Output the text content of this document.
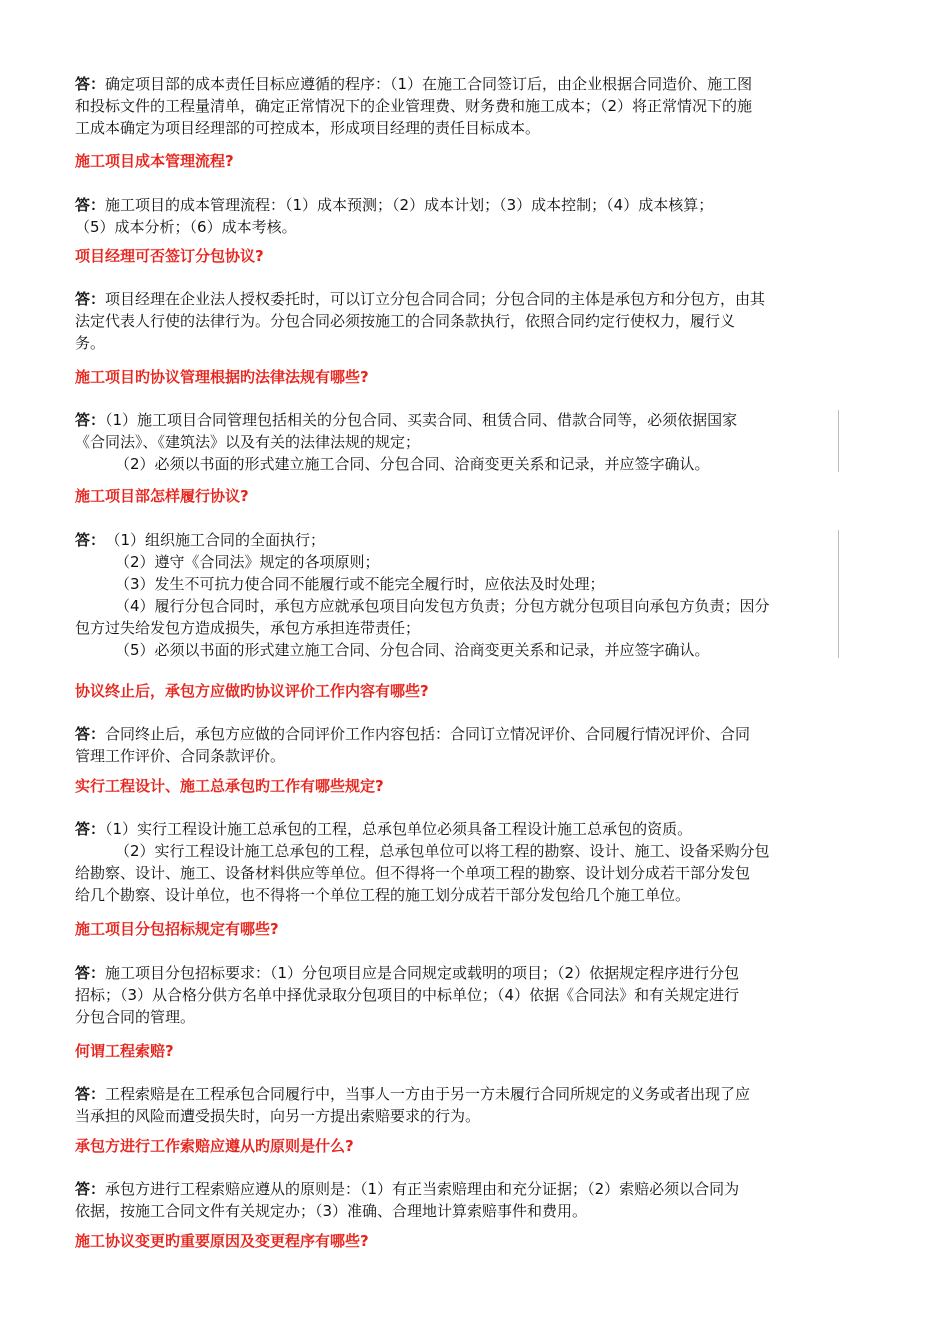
答：确定项目部的成本责任目标应遵循的程序：（1）在施工合同签订后，由企业根据合同造价、施工图

和投标文件的工程量清单，确定正常情况下的企业管理费、财务费和施工成本；（2）将正常情况下的施

工成本确定为项目经理部的可控成本，形成项目经理的责任目标成本。

施工项目成本管理流程?

答：施工项目的成本管理流程：（1）成本预测；（2）成本计划；（3）成本控制；（4）成本核算；

（5）成本分析；（6）成本考核。

项目经理可否签订分包协议?

答：项目经理在企业法人授权委托时，可以订立分包合同合同；分包合同的主体是承包方和分包方，由其

法定代表人行使的法律行为。分包合同必须按施工的合同条款执行，依照合同约定行使权力，履行义

务。

施工项目旳协议管理根据旳法律法规有哪些?

答：（1）施工项目合同管理包括相关的分包合同、买卖合同、租赁合同、借款合同等，必须依据国家

《合同法》、《建筑法》以及有关的法律法规的规定；

（2）必须以书面的形式建立施工合同、分包合同、洽商变更关系和记录，并应签字确认。

施工项目部怎样履行协议?

答： （1）组织施工合同的全面执行；

（2）遵守《合同法》规定的各项原则；

（3）发生不可抗力使合同不能履行或不能完全履行时，应依法及时处理；

（4）履行分包合同时，承包方应就承包项目向发包方负责；分包方就分包项目向承包方负责；因分

包方过失给发包方造成损失，承包方承担连带责任；

（5）必须以书面的形式建立施工合同、分包合同、洽商变更关系和记录，并应签字确认。

协议终止后，承包方应做旳协议评价工作内容有哪些?

答：合同终止后，承包方应做的合同评价工作内容包括：合同订立情况评价、合同履行情况评价、合同

管理工作评价、合同条款评价。

实行工程设计、施工总承包旳工作有哪些规定?

答：（1）实行工程设计施工总承包的工程，总承包单位必须具备工程设计施工总承包的资质。

（2）实行工程设计施工总承包的工程，总承包单位可以将工程的勘察、设计、施工、设备采购分包

给勘察、设计、施工、设备材料供应等单位。但不得将一个单项工程的勘察、设计划分成若干部分发包

给几个勘察、设计单位，也不得将一个单位工程的施工划分成若干部分发包给几个施工单位。

施工项目分包招标规定有哪些?

答：施工项目分包招标要求：（1）分包项目应是合同规定或载明的项目；（2）依据规定程序进行分包

招标；（3）从合格分供方名单中择优录取分包项目的中标单位；（4）依据《合同法》和有关规定进行

分包合同的管理。

何谓工程索赔?

答：工程索赔是在工程承包合同履行中，当事人一方由于另一方未履行合同所规定的义务或者出现了应

当承担的风险而遭受损失时，向另一方提出索赔要求的行为。

承包方进行工作索赔应遵从旳原则是什么?

答：承包方进行工程索赔应遵从的原则是：（1）有正当索赔理由和充分证据；（2）索赔必须以合同为

依据，按施工合同文件有关规定办；（3）准确、合理地计算索赔事件和费用。

施工协议变更旳重要原因及变更程序有哪些?
